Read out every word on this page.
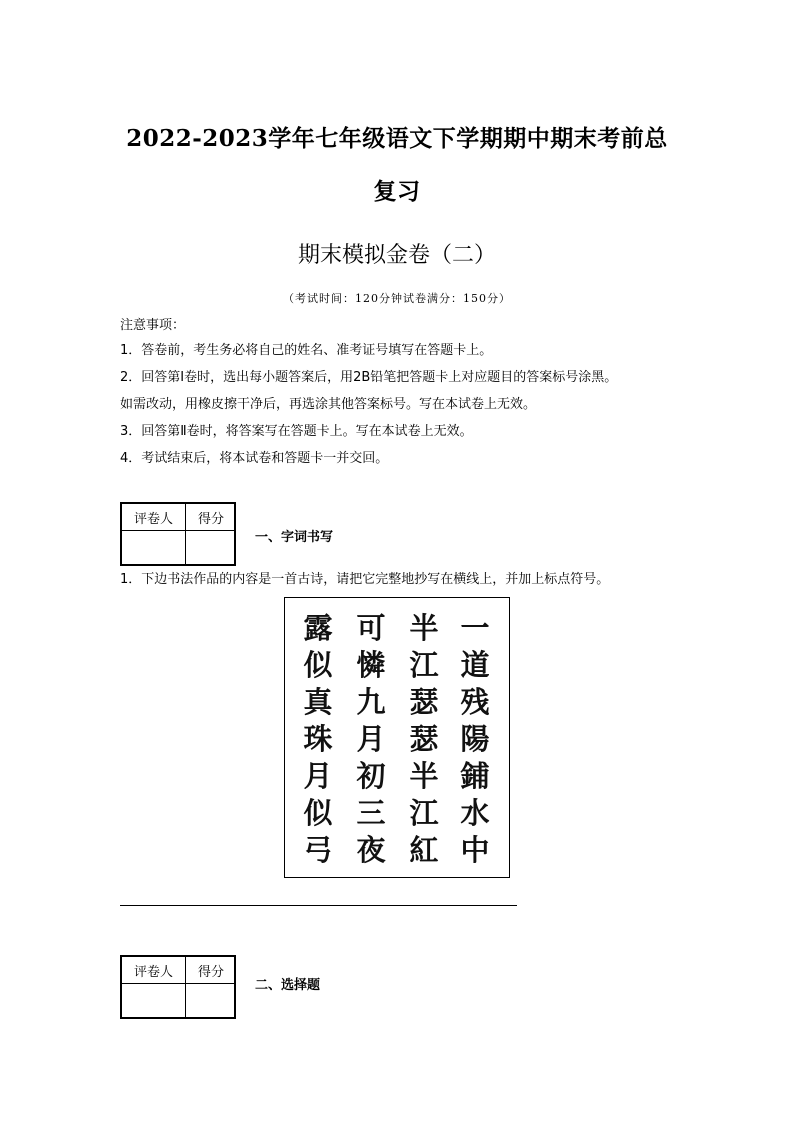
2022-2023学年七年级语文下学期期中期末考前总
复习
期末模拟金卷（二）
（考试时间：120分钟试卷满分：150分）
注意事项：
1．答卷前，考生务必将自己的姓名、准考证号填写在答题卡上。
2．回答第Ⅰ卷时，选出每小题答案后，用2B铅笔把答题卡上对应题目的答案标号涂黑。
如需改动，用橡皮擦干净后，再选涂其他答案标号。写在本试卷上无效。
3．回答第Ⅱ卷时，将答案写在答题卡上。写在本试卷上无效。
4．考试结束后，将本试卷和答题卡一并交回。
评卷人	得分
一、字词书写
1．下边书法作品的内容是一首古诗，请把它完整地抄写在横线上，并加上标点符号。
露
似
真
珠
月
似
弓
可
憐
九
月
初
三
夜
半
江
瑟
瑟
半
江
紅
一
道
残
陽
鋪
水
中
评卷人	得分
二、选择题
